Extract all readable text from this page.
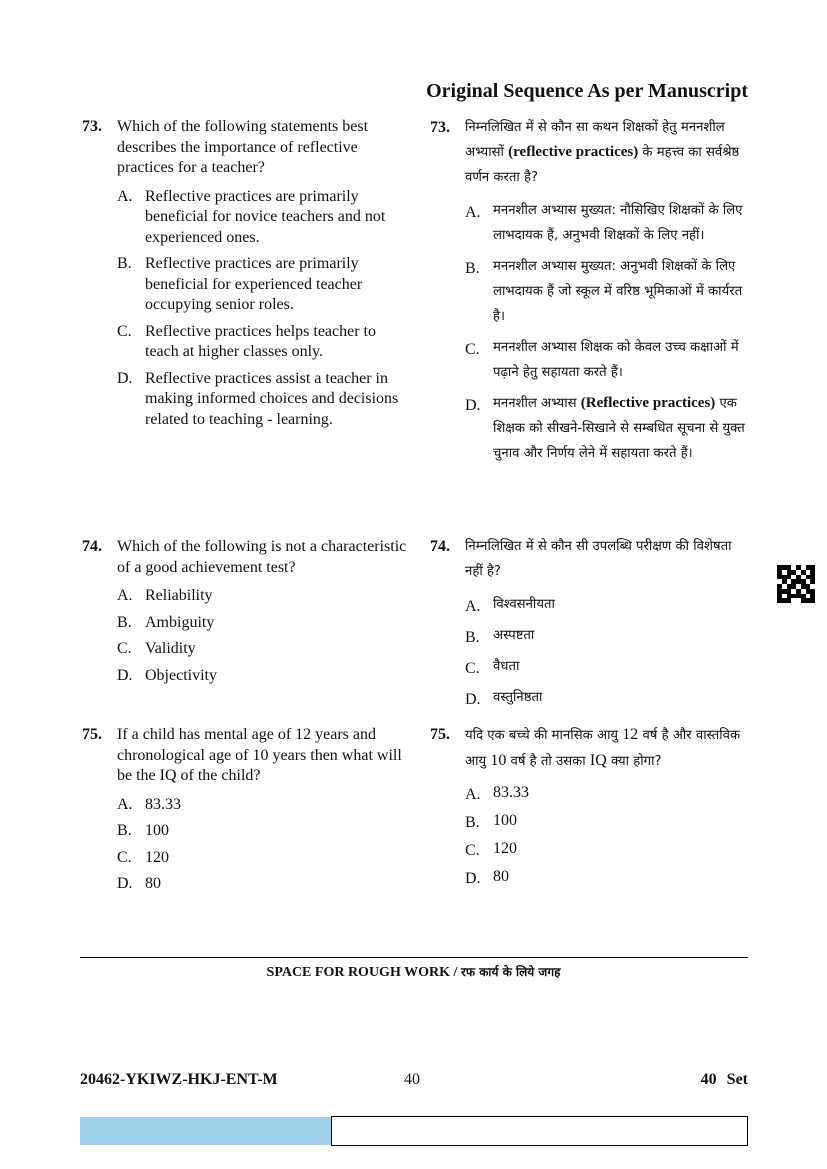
Original Sequence As per Manuscript
73. Which of the following statements best describes the importance of reflective practices for a teacher?
A. Reflective practices are primarily beneficial for novice teachers and not experienced ones.
B. Reflective practices are primarily beneficial for experienced teacher occupying senior roles.
C. Reflective practices helps teacher to teach at higher classes only.
D. Reflective practices assist a teacher in making informed choices and decisions related to teaching - learning.
74. Which of the following is not a characteristic of a good achievement test?
A. Reliability
B. Ambiguity
C. Validity
D. Objectivity
75. If a child has mental age of 12 years and chronological age of 10 years then what will be the IQ of the child?
A. 83.33
B. 100
C. 120
D. 80
73. निम्नलिखित में से कौन सा कथन शिक्षकों हेतु मननशील अभ्यासों (reflective practices) के महत्त्व का सर्वश्रेष्ठ वर्णन करता है?
A. मननशील अभ्यास मुख्यत: नौसिखिए शिक्षकों के लिए लाभदायक हैं, अनुभवी शिक्षकों के लिए नहीं।
B. मननशील अभ्यास मुख्यत: अनुभवी शिक्षकों के लिए लाभदायक हैं जो स्कूल में वरिष्ठ भूमिकाओं में कार्यरत है।
C. मननशील अभ्यास शिक्षक को केवल उच्च कक्षाओं में पढ़ाने हेतु सहायता करते हैं।
D. मननशील अभ्यास (Reflective practices) एक शिक्षक को सीखने-सिखाने से सम्बधित सूचना से युक्त चुनाव और निर्णय लेने में सहायता करते हैं।
74. निम्नलिखित में से कौन सी उपलब्धि परीक्षण की विशेषता नहीं है?
A. विश्वसनीयता
B. अस्पष्टता
C. वैधता
D. वस्तुनिष्ठता
75. यदि एक बच्चे की मानसिक आयु 12 वर्ष है और वास्तविक आयु 10 वर्ष है तो उसका IQ क्या होगा?
A. 83.33
B. 100
C. 120
D. 80
SPACE FOR ROUGH WORK / रफ कार्य के लिये जगह
20462-YKIWZ-HKJ-ENT-M	40	40 Set
